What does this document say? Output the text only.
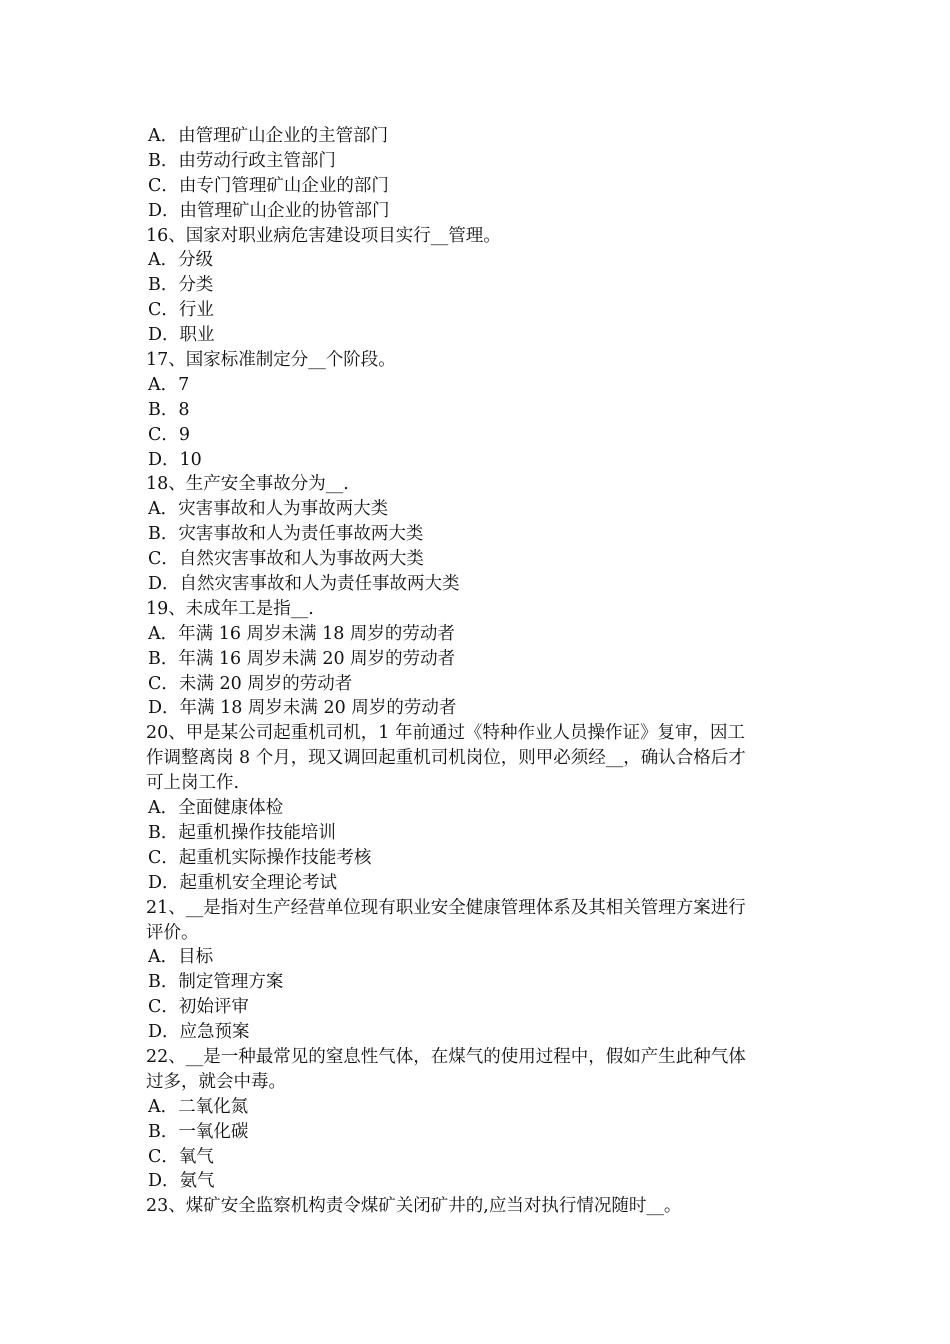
A．由管理矿山企业的主管部门
B．由劳动行政主管部门
C．由专门管理矿山企业的部门
D．由管理矿山企业的协管部门
16、国家对职业病危害建设项目实行__管理。
A．分级
B．分类
C．行业
D．职业
17、国家标准制定分__个阶段。
A．7
B．8
C．9
D．10
18、生产安全事故分为__.
A．灾害事故和人为事故两大类
B．灾害事故和人为责任事故两大类
C．自然灾害事故和人为事故两大类
D．自然灾害事故和人为责任事故两大类
19、未成年工是指__.
A．年满 16 周岁未满 18 周岁的劳动者
B．年满 16 周岁未满 20 周岁的劳动者
C．未满 20 周岁的劳动者
D．年满 18 周岁未满 20 周岁的劳动者
20、甲是某公司起重机司机，1 年前通过《特种作业人员操作证》复审，因工
作调整离岗 8 个月，现又调回起重机司机岗位，则甲必须经__，确认合格后才
可上岗工作.
A．全面健康体检
B．起重机操作技能培训
C．起重机实际操作技能考核
D．起重机安全理论考试
21、__是指对生产经营单位现有职业安全健康管理体系及其相关管理方案进行
评价。
A．目标
B．制定管理方案
C．初始评审
D．应急预案
22、__是一种最常见的窒息性气体，在煤气的使用过程中，假如产生此种气体
过多，就会中毒。
A．二氧化氮
B．一氧化碳
C．氧气
D．氨气
23、煤矿安全监察机构责令煤矿关闭矿井的,应当对执行情况随时__。
